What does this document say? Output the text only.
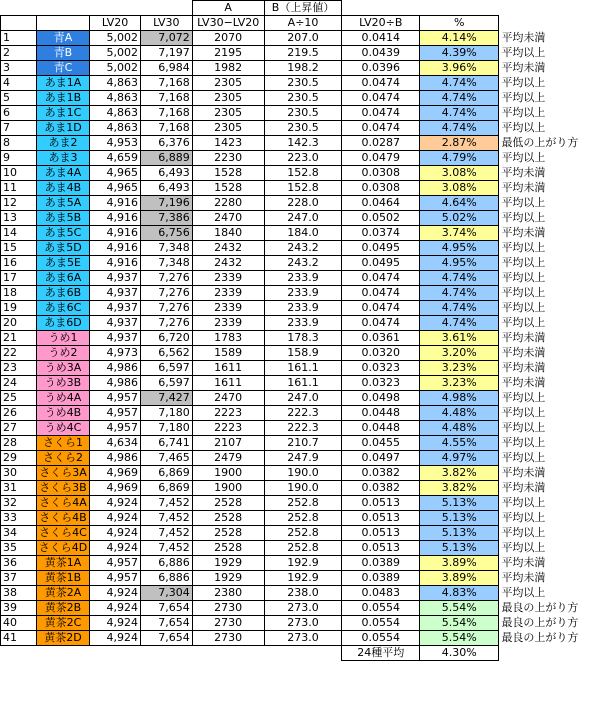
				A	B（上昇値）			
		LV20	LV30	LV30−LV20	A÷10	LV20÷B	%	
1	青A	5,002	7,072	2070	207.0	0.0414	4.14%	平均未満
2	青B	5,002	7,197	2195	219.5	0.0439	4.39%	平均以上
3	青C	5,002	6,984	1982	198.2	0.0396	3.96%	平均未満
4	あま1A	4,863	7,168	2305	230.5	0.0474	4.74%	平均以上
5	あま1B	4,863	7,168	2305	230.5	0.0474	4.74%	平均以上
6	あま1C	4,863	7,168	2305	230.5	0.0474	4.74%	平均以上
7	あま1D	4,863	7,168	2305	230.5	0.0474	4.74%	平均以上
8	あま2	4,953	6,376	1423	142.3	0.0287	2.87%	最低の上がり方
9	あま3	4,659	6,889	2230	223.0	0.0479	4.79%	平均以上
10	あま4A	4,965	6,493	1528	152.8	0.0308	3.08%	平均未満
11	あま4B	4,965	6,493	1528	152.8	0.0308	3.08%	平均未満
12	あま5A	4,916	7,196	2280	228.0	0.0464	4.64%	平均以上
13	あま5B	4,916	7,386	2470	247.0	0.0502	5.02%	平均以上
14	あま5C	4,916	6,756	1840	184.0	0.0374	3.74%	平均未満
15	あま5D	4,916	7,348	2432	243.2	0.0495	4.95%	平均以上
16	あま5E	4,916	7,348	2432	243.2	0.0495	4.95%	平均以上
17	あま6A	4,937	7,276	2339	233.9	0.0474	4.74%	平均以上
18	あま6B	4,937	7,276	2339	233.9	0.0474	4.74%	平均以上
19	あま6C	4,937	7,276	2339	233.9	0.0474	4.74%	平均以上
20	あま6D	4,937	7,276	2339	233.9	0.0474	4.74%	平均以上
21	うめ1	4,937	6,720	1783	178.3	0.0361	3.61%	平均未満
22	うめ2	4,973	6,562	1589	158.9	0.0320	3.20%	平均未満
23	うめ3A	4,986	6,597	1611	161.1	0.0323	3.23%	平均未満
24	うめ3B	4,986	6,597	1611	161.1	0.0323	3.23%	平均未満
25	うめ4A	4,957	7,427	2470	247.0	0.0498	4.98%	平均以上
26	うめ4B	4,957	7,180	2223	222.3	0.0448	4.48%	平均以上
27	うめ4C	4,957	7,180	2223	222.3	0.0448	4.48%	平均以上
28	さくら1	4,634	6,741	2107	210.7	0.0455	4.55%	平均以上
29	さくら2	4,986	7,465	2479	247.9	0.0497	4.97%	平均以上
30	さくら3A	4,969	6,869	1900	190.0	0.0382	3.82%	平均未満
31	さくら3B	4,969	6,869	1900	190.0	0.0382	3.82%	平均未満
32	さくら4A	4,924	7,452	2528	252.8	0.0513	5.13%	平均以上
33	さくら4B	4,924	7,452	2528	252.8	0.0513	5.13%	平均以上
34	さくら4C	4,924	7,452	2528	252.8	0.0513	5.13%	平均以上
35	さくら4D	4,924	7,452	2528	252.8	0.0513	5.13%	平均以上
36	黄茶1A	4,957	6,886	1929	192.9	0.0389	3.89%	平均未満
37	黄茶1B	4,957	6,886	1929	192.9	0.0389	3.89%	平均未満
38	黄茶2A	4,924	7,304	2380	238.0	0.0483	4.83%	平均以上
39	黄茶2B	4,924	7,654	2730	273.0	0.0554	5.54%	最良の上がり方
40	黄茶2C	4,924	7,654	2730	273.0	0.0554	5.54%	最良の上がり方
41	黄茶2D	4,924	7,654	2730	273.0	0.0554	5.54%	最良の上がり方
						24種平均	4.30%	
